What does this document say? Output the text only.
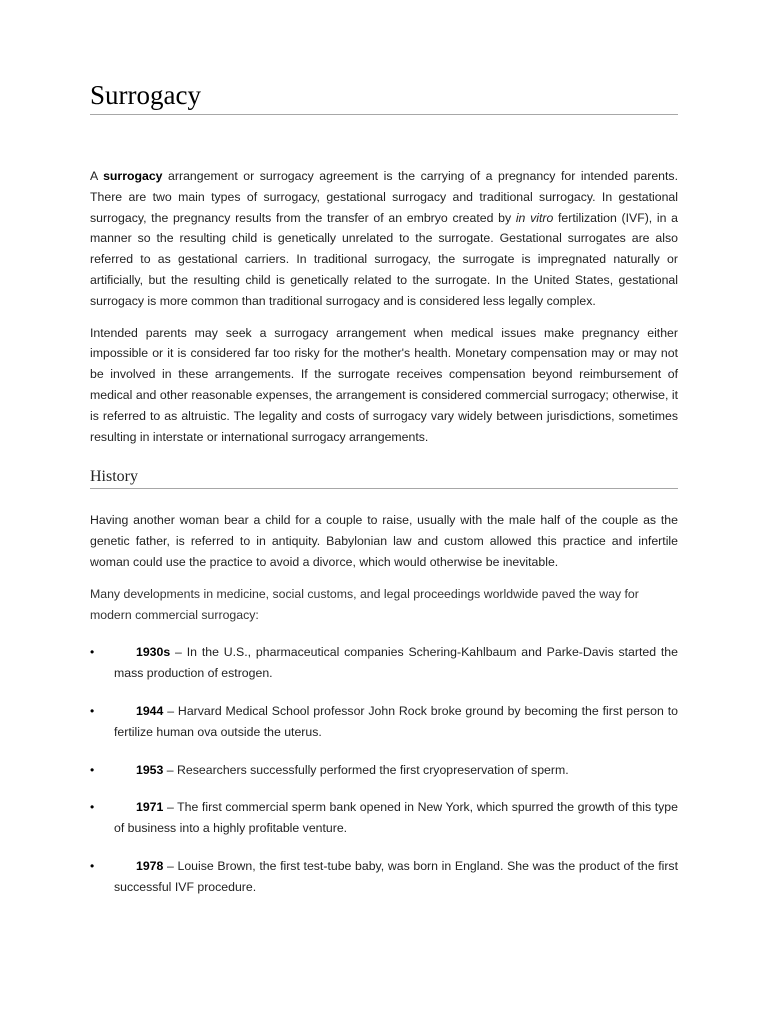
Surrogacy

A surrogacy arrangement or surrogacy agreement is the carrying of a pregnancy for intended parents. There are two main types of surrogacy, gestational surrogacy and traditional surrogacy. In gestational surrogacy, the pregnancy results from the transfer of an embryo created by in vitro fertilization (IVF), in a manner so the resulting child is genetically unrelated to the surrogate. Gestational surrogates are also referred to as gestational carriers. In traditional surrogacy, the surrogate is impregnated naturally or artificially, but the resulting child is genetically related to the surrogate. In the United States, gestational surrogacy is more common than traditional surrogacy and is considered less legally complex.

Intended parents may seek a surrogacy arrangement when medical issues make pregnancy either impossible or it is considered far too risky for the mother's health. Monetary compensation may or may not be involved in these arrangements. If the surrogate receives compensation beyond reimbursement of medical and other reasonable expenses, the arrangement is considered commercial surrogacy; otherwise, it is referred to as altruistic. The legality and costs of surrogacy vary widely between jurisdictions, sometimes resulting in interstate or international surrogacy arrangements.

History

Having another woman bear a child for a couple to raise, usually with the male half of the couple as the genetic father, is referred to in antiquity. Babylonian law and custom allowed this practice and infertile woman could use the practice to avoid a divorce, which would otherwise be inevitable.

Many developments in medicine, social customs, and legal proceedings worldwide paved the way for modern commercial surrogacy:

•	1930s – In the U.S., pharmaceutical companies Schering-Kahlbaum and Parke-Davis started the mass production of estrogen.
•	1944 – Harvard Medical School professor John Rock broke ground by becoming the first person to fertilize human ova outside the uterus.
•	1953 – Researchers successfully performed the first cryopreservation of sperm.
•	1971 – The first commercial sperm bank opened in New York, which spurred the growth of this type of business into a highly profitable venture.
•	1978 – Louise Brown, the first test-tube baby, was born in England. She was the product of the first successful IVF procedure.
